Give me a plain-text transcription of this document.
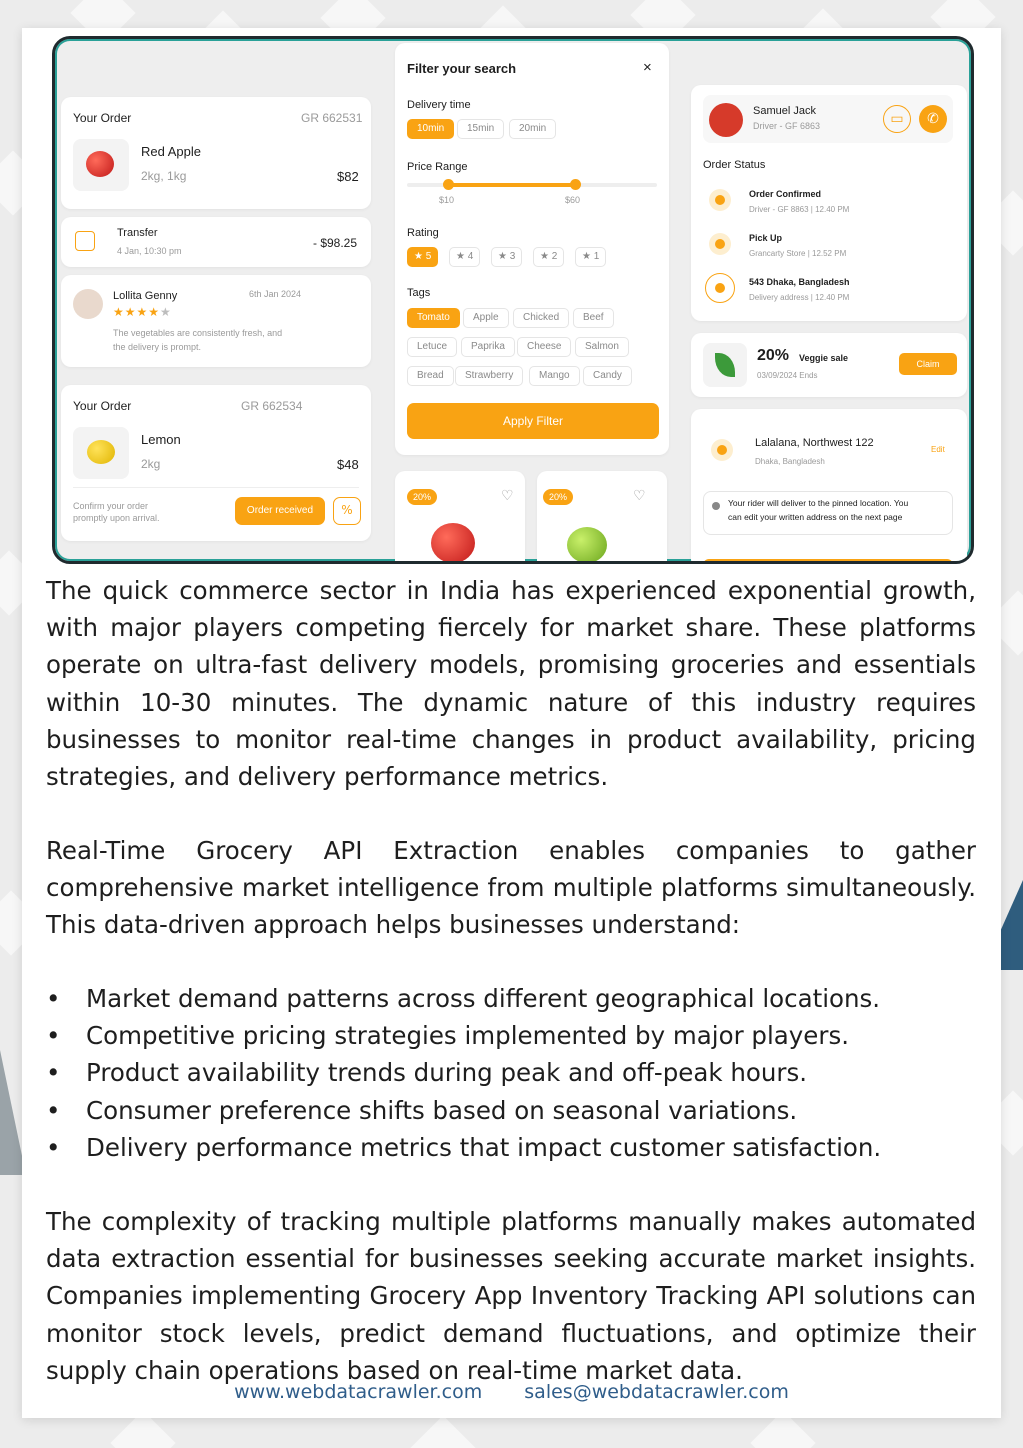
Your Order	GR 662531
Red Apple
2kg, 1kg	$82
Transfer
4 Jan, 10:30 pm
- $98.25
Lollita Genny	6th Jan 2024
★★★★★
The vegetables are consistently fresh, and
the delivery is prompt.
Your Order	GR 662534
Lemon
2kg	$48
Confirm your order
promptly upon arrival.
Order received	%
Filter your search	×
Delivery time
10min	15min	20min
Price Range
$10	$60
Rating
★ 5	★ 4	★ 3	★ 2	★ 1
Tags
Tomato	Apple	Chicked	Beef
Letuce	Paprika	Cheese	Salmon
Bread	Strawberry	Mango	Candy
Apply Filter
20%	♡	20%	♡
Samuel Jack
Driver - GF 6863	▭	✆
Order Status
Order Confirmed
Driver - GF 8863 | 12.40 PM
Pick Up
Grancarty Store | 12.52 PM
543 Dhaka, Bangladesh
Delivery address | 12.40 PM
20% Veggie sale
03/09/2024 Ends
Claim
Lalalana, Northwest 122
Dhaka, Bangladesh
Edit
Your rider will deliver to the pinned location. You
can edit your written address on the next page

The quick commerce sector in India has experienced exponential growth, with major players competing fiercely for market share. These platforms operate on ultra-fast delivery models, promising groceries and essentials within 10-30 minutes. The dynamic nature of this industry requires businesses to monitor real-time changes in product availability, pricing strategies, and delivery performance metrics.

Real-Time Grocery API Extraction enables companies to gather comprehensive market intelligence from multiple platforms simultaneously. This data-driven approach helps businesses understand:

• Market demand patterns across different geographical locations.
• Competitive pricing strategies implemented by major players.
• Product availability trends during peak and off-peak hours.
• Consumer preference shifts based on seasonal variations.
• Delivery performance metrics that impact customer satisfaction.

The complexity of tracking multiple platforms manually makes automated data extraction essential for businesses seeking accurate market insights. Companies implementing Grocery App Inventory Tracking API solutions can monitor stock levels, predict demand fluctuations, and optimize their supply chain operations based on real-time market data.

www.webdatacrawler.com sales@webdatacrawler.com
